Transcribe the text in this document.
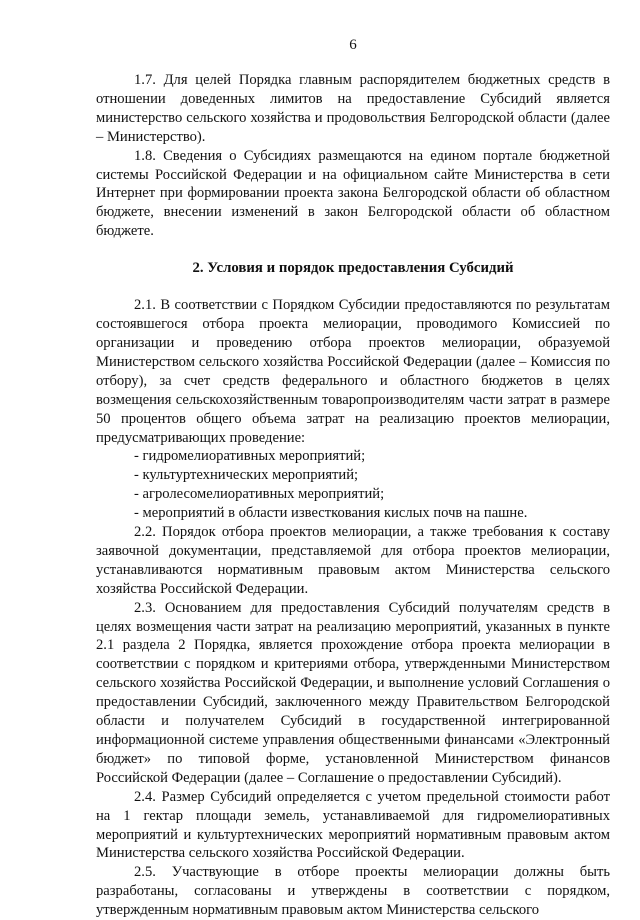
6

1.7. Для целей Порядка главным распорядителем бюджетных средств в отношении доведенных лимитов на предоставление Субсидий является министерство сельского хозяйства и продовольствия Белгородской области (далее – Министерство).

1.8. Сведения о Субсидиях размещаются на едином портале бюджетной системы Российской Федерации и на официальном сайте Министерства в сети Интернет при формировании проекта закона Белгородской области об областном бюджете, внесении изменений в закон Белгородской области об областном бюджете.

2. Условия и порядок предоставления Субсидий

2.1. В соответствии с Порядком Субсидии предоставляются по результатам состоявшегося отбора проекта мелиорации, проводимого Комиссией по организации и проведению отбора проектов мелиорации, образуемой Министерством сельского хозяйства Российской Федерации (далее – Комиссия по отбору), за счет средств федерального и областного бюджетов в целях возмещения сельскохозяйственным товаропроизводителям части затрат в размере 50 процентов общего объема затрат на реализацию проектов мелиорации, предусматривающих проведение:

- гидромелиоративных мероприятий;
- культуртехнических мероприятий;
- агролесомелиоративных мероприятий;
- мероприятий в области известкования кислых почв на пашне.

2.2. Порядок отбора проектов мелиорации, а также требования к составу заявочной документации, представляемой для отбора проектов мелиорации, устанавливаются нормативным правовым актом Министерства сельского хозяйства Российской Федерации.

2.3. Основанием для предоставления Субсидий получателям средств в целях возмещения части затрат на реализацию мероприятий, указанных в пункте 2.1 раздела 2 Порядка, является прохождение отбора проекта мелиорации в соответствии с порядком и критериями отбора, утвержденными Министерством сельского хозяйства Российской Федерации, и выполнение условий Соглашения о предоставлении Субсидий, заключенного между Правительством Белгородской области и получателем Субсидий в государственной интегрированной информационной системе управления общественными финансами «Электронный бюджет» по типовой форме, установленной Министерством финансов Российской Федерации (далее – Соглашение о предоставлении Субсидий).

2.4. Размер Субсидий определяется с учетом предельной стоимости работ на 1 гектар площади земель, устанавливаемой для гидромелиоративных мероприятий и культуртехнических мероприятий нормативным правовым актом Министерства сельского хозяйства Российской Федерации.

2.5. Участвующие в отборе проекты мелиорации должны быть разработаны, согласованы и утверждены в соответствии с порядком, утвержденным нормативным правовым актом Министерства сельского
